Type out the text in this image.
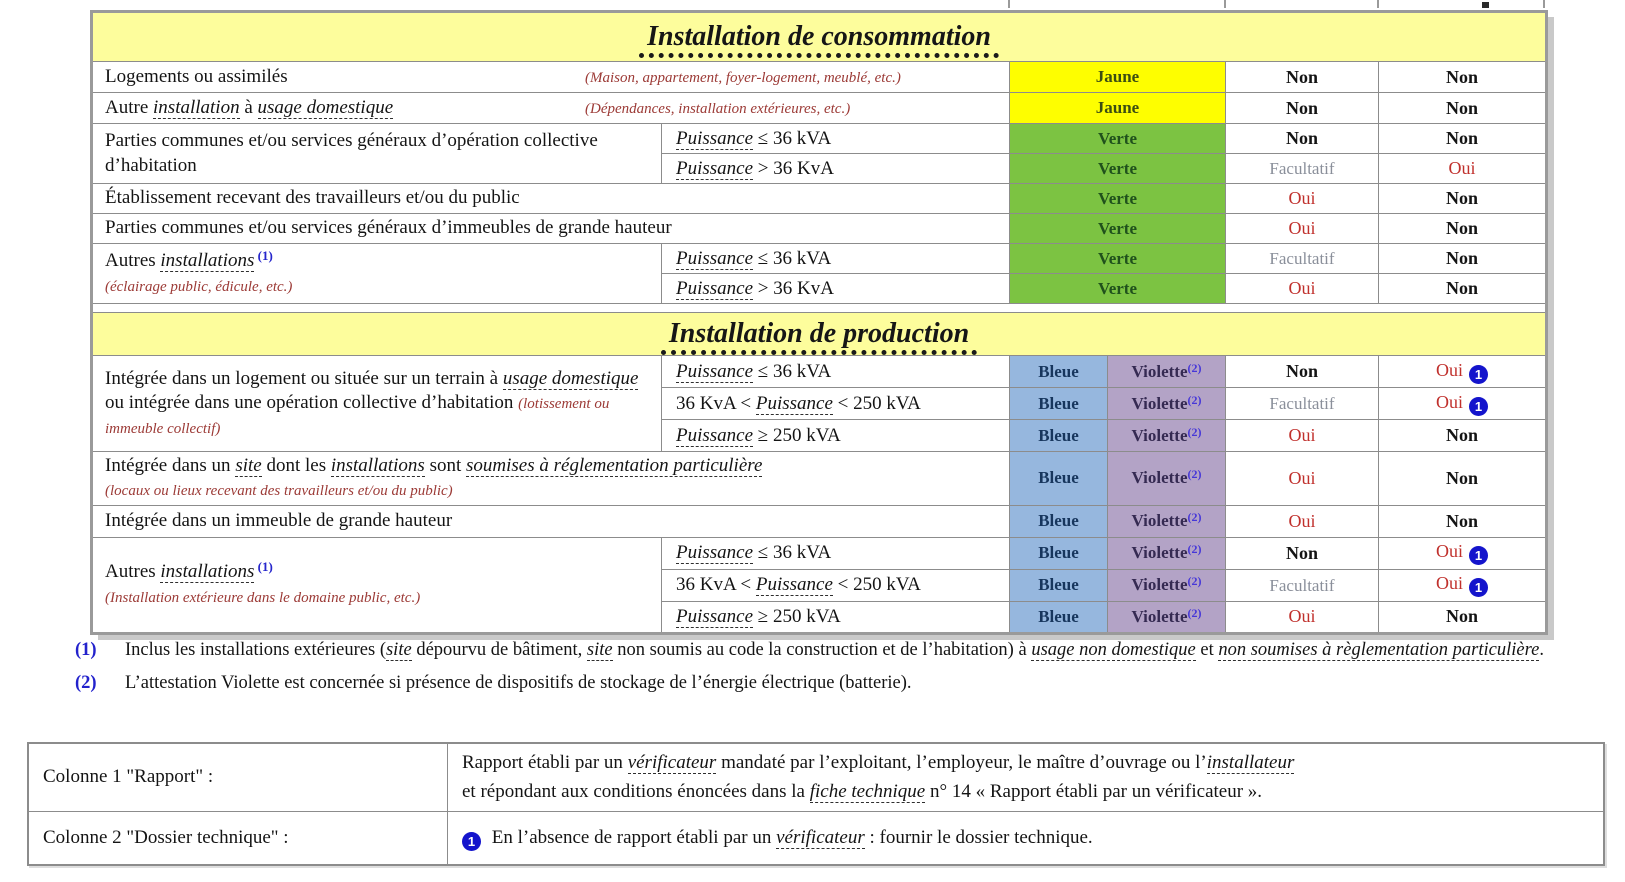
Installation de consommation					
Logements ou assimilés (Maison, appartement, foyer-logement, meublé, etc.)		Jaune		Non	Non
Autre installation à usage domestique (Dépendances, installation extérieures, etc.)		Jaune		Non	Non
Parties communes et/ou services généraux d’opération collective d’habitation	Puissance ≤ 36 kVA	Verte		Non	Non
	Puissance > 36 KvA	Verte		Facultatif	Oui
Établissement recevant des travailleurs et/ou du public		Verte		Oui	Non
Parties communes et/ou services généraux d’immeubles de grande hauteur		Verte		Oui	Non
Autres installations $^{(1)}$
(éclairage public, édicule, etc.)	Puissance ≤ 36 kVA	Verte		Facultatif	Non
	Puissance > 36 KvA	Verte		Oui	Non

Installation de production					
Intégrée dans un logement ou située sur un terrain à usage domestique ou intégrée dans une opération collective d’habitation (lotissement ou immeuble collectif)	Puissance ≤ 36 kVA	Bleue	Violette$^{(2)}$	Non	Oui 1
	36 KvA < Puissance < 250 kVA	Bleue	Violette$^{(2)}$	Facultatif	Oui 1
	Puissance ≥ 250 kVA	Bleue	Violette$^{(2)}$	Oui	Non
Intégrée dans un site dont les installations sont soumises à réglementation particulière
(locaux ou lieux recevant des travailleurs et/ou du public)		Bleue	Violette$^{(2)}$	Oui	Non
Intégrée dans un immeuble de grande hauteur		Bleue	Violette$^{(2)}$	Oui	Non
Autres installations $^{(1)}$
(Installation extérieure dans le domaine public, etc.)	Puissance ≤ 36 kVA	Bleue	Violette$^{(2)}$	Non	Oui 1
	36 KvA < Puissance < 250 kVA	Bleue	Violette$^{(2)}$	Facultatif	Oui 1
	Puissance ≥ 250 kVA	Bleue	Violette$^{(2)}$	Oui	Non
(1)	Inclus les installations extérieures (site dépourvu de bâtiment, site non soumis au code la construction et de l’habitation) à usage non domestique et non soumises à règlementation particulière.
(2)	L’attestation Violette est concernée si présence de dispositifs de stockage de l’énergie électrique (batterie).
Colonne 1 "Rapport" :	Rapport établi par un vérificateur mandaté par l’exploitant, l’employeur, le maître d’ouvrage ou l’installateur
et répondant aux conditions énoncées dans la fiche technique n° 14 « Rapport établi par un vérificateur ».
Colonne 2 "Dossier technique" :	1 En l’absence de rapport établi par un vérificateur : fournir le dossier technique.
